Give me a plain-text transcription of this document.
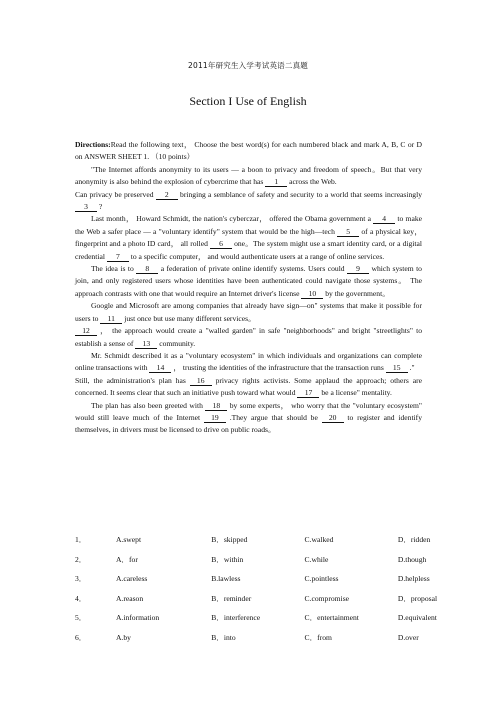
2011年研究生入学考试英语二真题
Section I Use of English

Directions:Read the following text， Choose the best word(s) for each numbered black and mark A, B, C or D on ANSWER SHEET 1. （10 points）

"The Internet affords anonymity to its users — a boon to privacy and freedom of speech。But that very anonymity is also behind the explosion of cybercrime that has 1 across the Web.

Can privacy be preserved 2 bringing a semblance of safety and security to a world that seems increasingly 3 ?

Last month， Howard Schmidt, the nation's cyberczar， offered the Obama government a 4 to make the Web a safer place — a "voluntary identify" system that would be the high—tech 5 of a physical key， fingerprint and a photo ID card， all rolled 6 one。The system might use a smart identity card, or a digital credential 7 to a specific computer， and would authenticate users at a range of online services.

The idea is to 8 a federation of private online identify systems. Users could 9 which system to join, and only registered users whose identities have been authenticated could navigate those systems。 The approach contrasts with one that would require an Internet driver's license 10 by the government。

Google and Microsoft are among companies that already have sign—on" systems that make it possible for users to 11 just once but use many different services。

12 ， the approach would create a "walled garden" in safe "neighborhoods" and bright "streetlights" to establish a sense of 13 community.

Mr. Schmidt described it as a "voluntary ecosystem" in which individuals and organizations can complete online transactions with 14 ， trusting the identities of the infrastructure that the transaction runs 15 ."

Still, the administration's plan has 16 privacy rights activists. Some applaud the approach; others are concerned. It seems clear that such an initiative push toward what would 17 be a license" mentality.

The plan has also been greeted with 18 by some experts， who worry that the "voluntary ecosystem" would still leave much of the Internet 19 .They argue that should be 20 to register and identify themselves, in drivers must be licensed to drive on public roads。

1．	A.swept	B．skipped	C.walked	D．ridden
2．	A．for	B．within	C.while	D.though
3．	A.careless	B.lawless	C.pointless	D.helpless
4．	A.reason	B．reminder	C.compromise	D．proposal
5．	A.information	B．interference	C．entertainment	D.equivalent
6．	A.by	B．into	C．from	D.over
